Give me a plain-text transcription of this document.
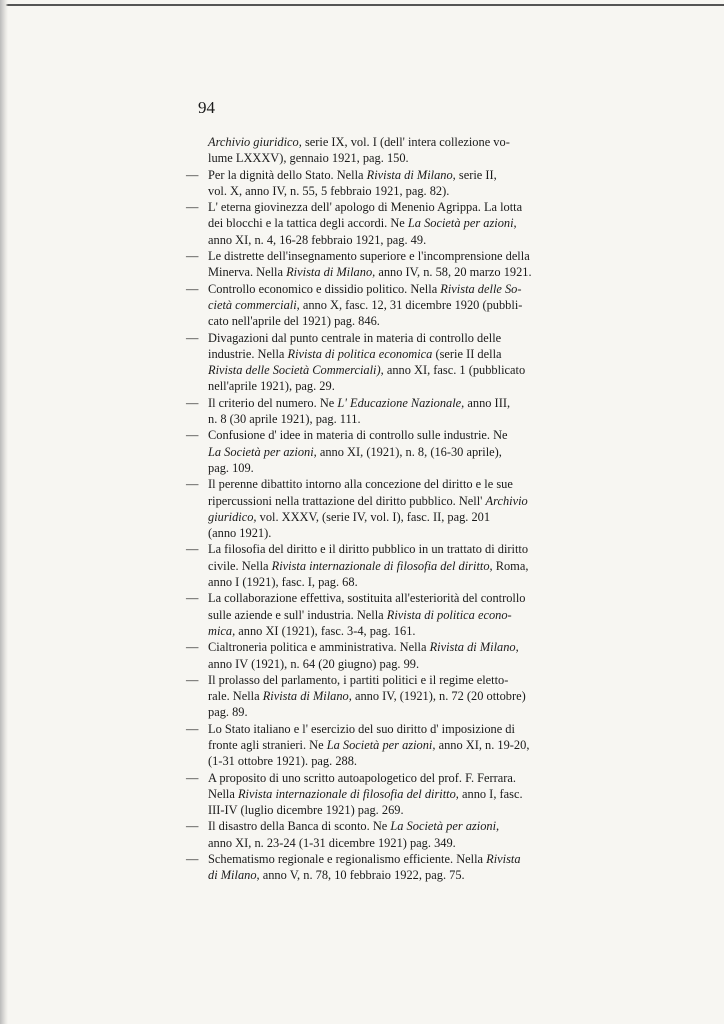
94

Archivio giuridico, serie IX, vol. I (dell' intera collezione vo-
lume LXXXV), gennaio 1921, pag. 150.

— Per la dignità dello Stato. Nella Rivista di Milano, serie II,
vol. X, anno IV, n. 55, 5 febbraio 1921, pag. 82).

— L' eterna giovinezza dell' apologo di Menenio Agrippa. La lotta
dei blocchi e la tattica degli accordi. Ne La Società per azioni,
anno XI, n. 4, 16-28 febbraio 1921, pag. 49.

— Le distrette dell'insegnamento superiore e l'incomprensione della
Minerva. Nella Rivista di Milano, anno IV, n. 58, 20 marzo 1921.

— Controllo economico e dissidio politico. Nella Rivista delle So-
cietà commerciali, anno X, fasc. 12, 31 dicembre 1920 (pubbli-
cato nell'aprile del 1921) pag. 846.

— Divagazioni dal punto centrale in materia di controllo delle
industrie. Nella Rivista di politica economica (serie II della
Rivista delle Società Commerciali), anno XI, fasc. 1 (pubblicato
nell'aprile 1921), pag. 29.

— Il criterio del numero. Ne L' Educazione Nazionale, anno III,
n. 8 (30 aprile 1921), pag. 111.

— Confusione d' idee in materia di controllo sulle industrie. Ne
La Società per azioni, anno XI, (1921), n. 8, (16-30 aprile),
pag. 109.

— Il perenne dibattito intorno alla concezione del diritto e le sue
ripercussioni nella trattazione del diritto pubblico. Nell' Archivio
giuridico, vol. XXXV, (serie IV, vol. I), fasc. II, pag. 201
(anno 1921).

— La filosofia del diritto e il diritto pubblico in un trattato di diritto
civile. Nella Rivista internazionale di filosofia del diritto, Roma,
anno I (1921), fasc. I, pag. 68.

— La collaborazione effettiva, sostituita all'esteriorità del controllo
sulle aziende e sull' industria. Nella Rivista di politica econo-
mica, anno XI (1921), fasc. 3-4, pag. 161.

— Cialtroneria politica e amministrativa. Nella Rivista di Milano,
anno IV (1921), n. 64 (20 giugno) pag. 99.

— Il prolasso del parlamento, i partiti politici e il regime eletto-
rale. Nella Rivista di Milano, anno IV, (1921), n. 72 (20 ottobre)
pag. 89.

— Lo Stato italiano e l' esercizio del suo diritto d' imposizione di
fronte agli stranieri. Ne La Società per azioni, anno XI, n. 19-20,
(1-31 ottobre 1921). pag. 288.

— A proposito di uno scritto autoapologetico del prof. F. Ferrara.
Nella Rivista internazionale di filosofia del diritto, anno I, fasc.
III-IV (luglio dicembre 1921) pag. 269.

— Il disastro della Banca di sconto. Ne La Società per azioni,
anno XI, n. 23-24 (1-31 dicembre 1921) pag. 349.

— Schematismo regionale e regionalismo efficiente. Nella Rivista
di Milano, anno V, n. 78, 10 febbraio 1922, pag. 75.
